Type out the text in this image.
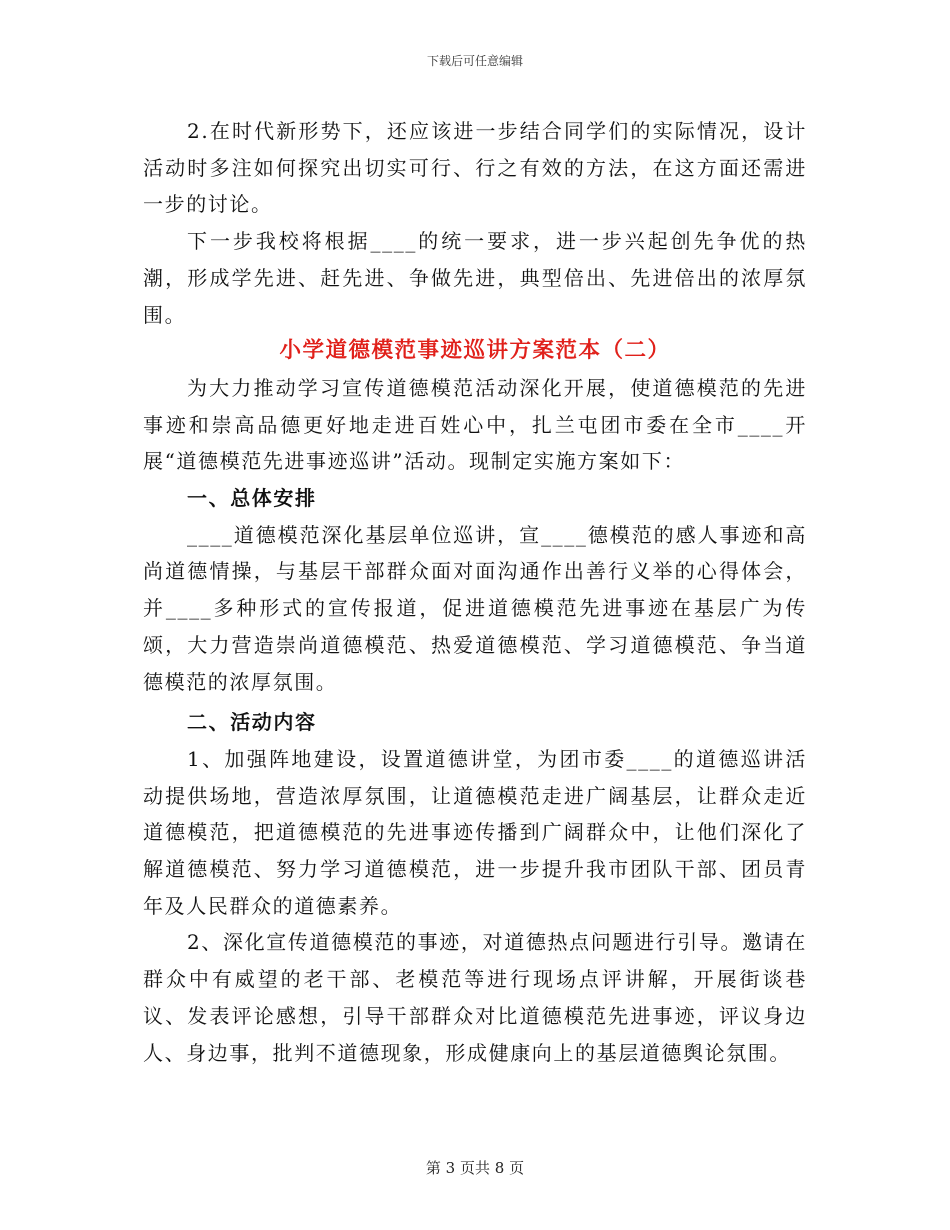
下载后可任意编辑

2.在时代新形势下，还应该进一步结合同学们的实际情况，设计活动时多注如何探究出切实可行、行之有效的方法，在这方面还需进一步的讨论。

下一步我校将根据____的统一要求，进一步兴起创先争优的热潮，形成学先进、赶先进、争做先进，典型倍出、先进倍出的浓厚氛围。

小学道德模范事迹巡讲方案范本（二）

为大力推动学习宣传道德模范活动深化开展，使道德模范的先进事迹和崇高品德更好地走进百姓心中，扎兰屯团市委在全市____开展“道德模范先进事迹巡讲”活动。现制定实施方案如下：

一、总体安排

____道德模范深化基层单位巡讲，宣____德模范的感人事迹和高尚道德情操，与基层干部群众面对面沟通作出善行义举的心得体会，并____多种形式的宣传报道，促进道德模范先进事迹在基层广为传颂，大力营造崇尚道德模范、热爱道德模范、学习道德模范、争当道德模范的浓厚氛围。

二、活动内容

1、加强阵地建设，设置道德讲堂，为团市委____的道德巡讲活动提供场地，营造浓厚氛围，让道德模范走进广阔基层，让群众走近道德模范，把道德模范的先进事迹传播到广阔群众中，让他们深化了解道德模范、努力学习道德模范，进一步提升我市团队干部、团员青年及人民群众的道德素养。

2、深化宣传道德模范的事迹，对道德热点问题进行引导。邀请在群众中有威望的老干部、老模范等进行现场点评讲解，开展街谈巷议、发表评论感想，引导干部群众对比道德模范先进事迹，评议身边人、身边事，批判不道德现象，形成健康向上的基层道德舆论氛围。

第 3 页共 8 页
